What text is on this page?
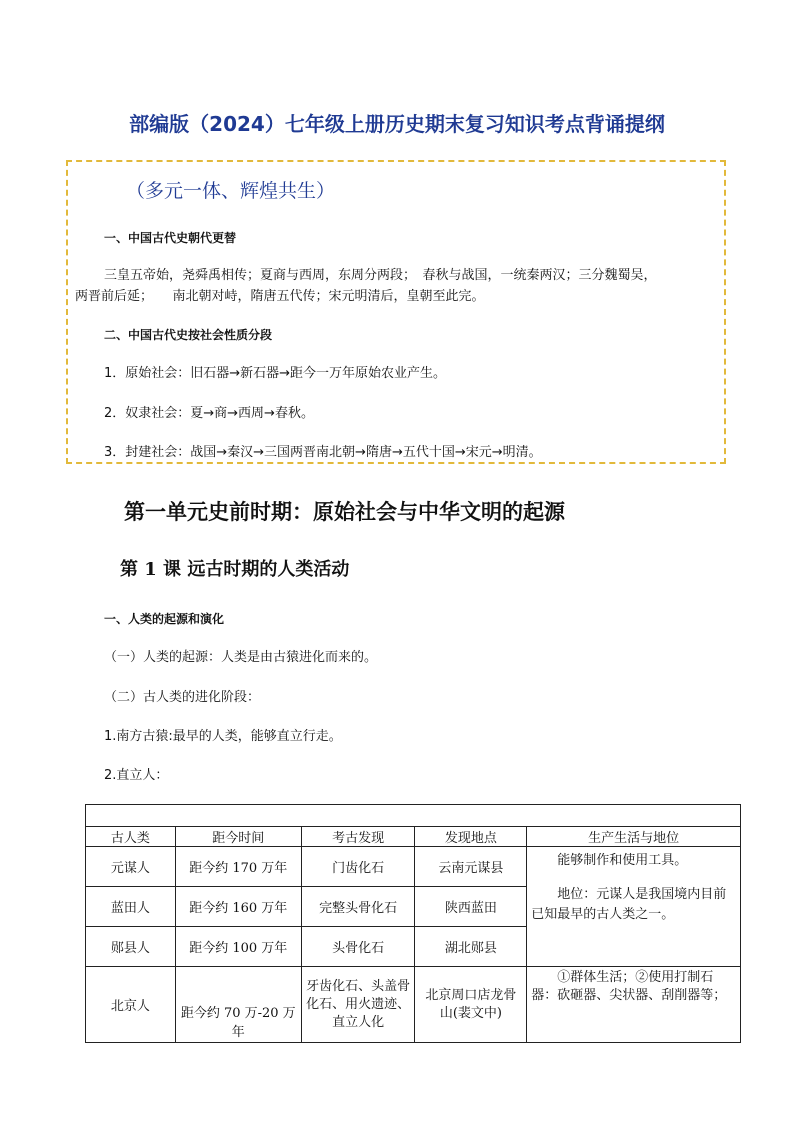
部编版（2024）七年级上册历史期末复习知识考点背诵提纲
（多元一体、辉煌共生）
一、中国古代史朝代更替
三皇五帝始，尧舜禹相传；夏商与西周，东周分两段；　春秋与战国，一统秦两汉；三分魏蜀吴，
两晋前后延；　　南北朝对峙，隋唐五代传；宋元明清后，皇朝至此完。
二、中国古代史按社会性质分段
1．原始社会：旧石器→新石器→距今一万年原始农业产生。
2．奴隶社会：夏→商→西周→春秋。
3．封建社会：战国→秦汉→三国两晋南北朝→隋唐→五代十国→宋元→明清。
第一单元史前时期：原始社会与中华文明的起源
第 1 课 远古时期的人类活动
一、人类的起源和演化
（一）人类的起源：人类是由古猿进化而来的。
（二）古人类的进化阶段：
1.南方古猿:最早的人类，能够直立行走。
2.直立人：
古人类	距今时间	考古发现	发现地点	生产生活与地位
元谋人	距今约 170 万年	门齿化石	云南元谋县	能够制作和使用工具。
地位：元谋人是我国境内目前已知最早的古人类之一。

蓝田人	距今约 160 万年	完整头骨化石	陕西蓝田	
郧县人	距今约 100 万年	头骨化石	湖北郧县	
北京人	距今约 70 万-20 万年	牙齿化石、头盖骨化石、用火遗迹、直立人化	北京周口店龙骨山(裴文中)	①群体生活；②使用打制石器：砍砸器、尖状器、刮削器等；
